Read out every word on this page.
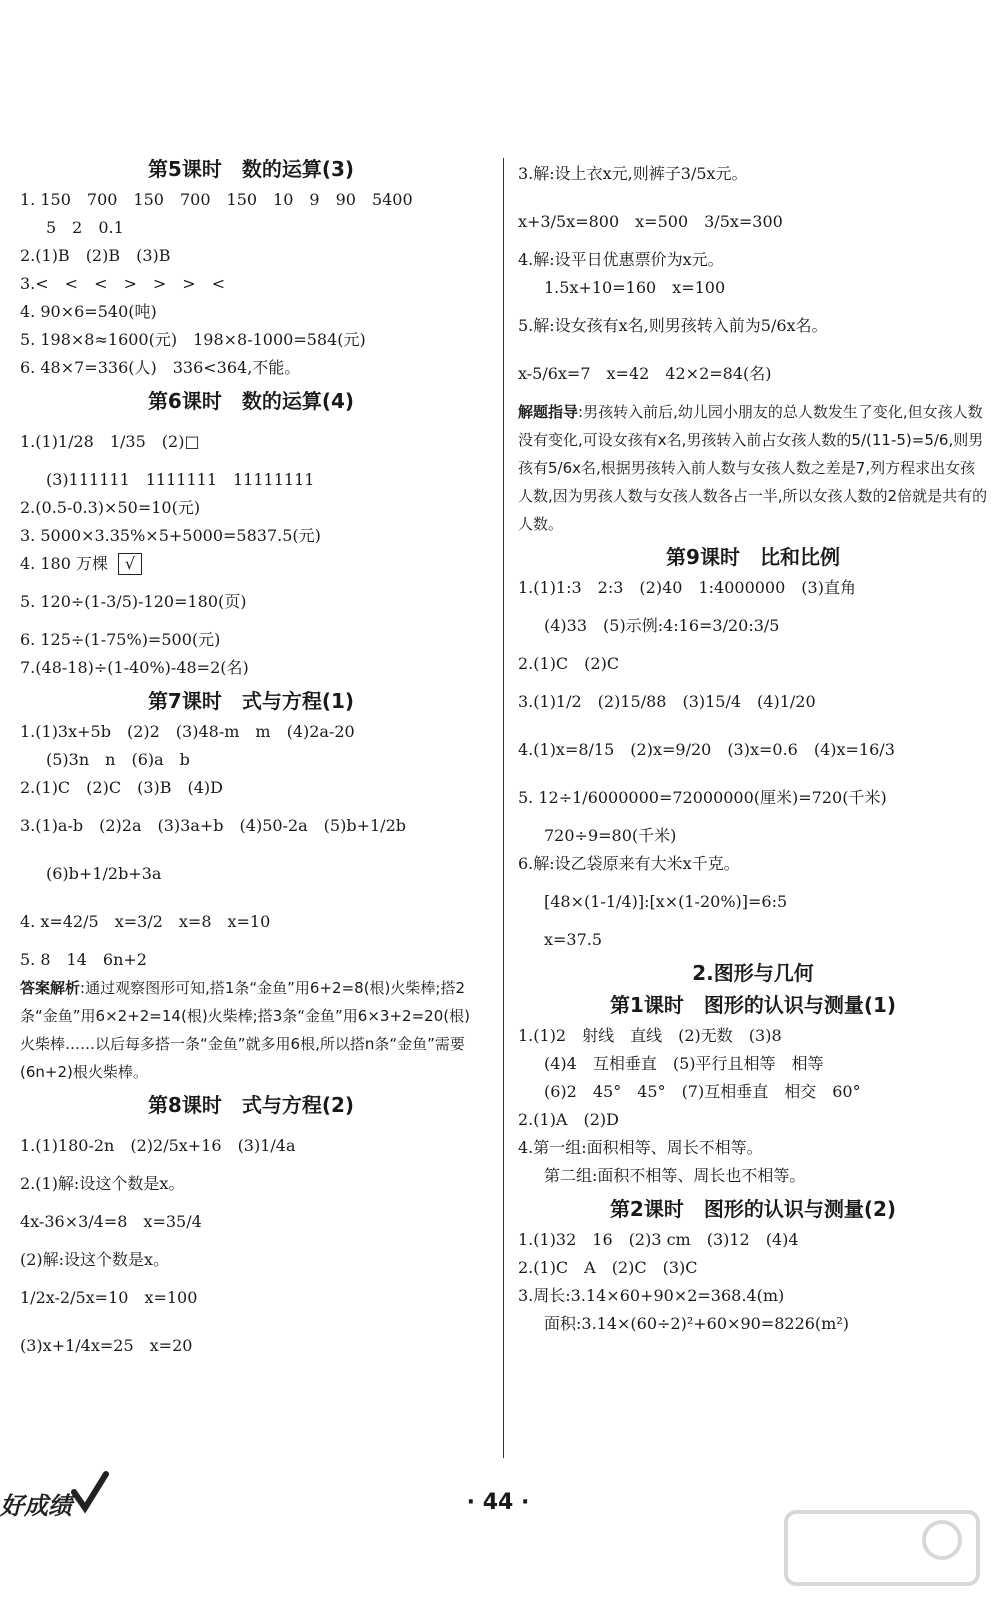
第5课时　数的运算(3)
1. 150　700　150　700　150　10　9　90　5400
5　2　0.1
2.(1)B　(2)B　(3)B
3.<　<　<　>　>　>　<
4. 90×6=540(吨)
5. 198×8≈1600(元)　198×8-1000=584(元)
6. 48×7=336(人)　336<364,不能。
第6课时　数的运算(4)
1.(1)1/28　1/35　(2)□
(3)111111　1111111　11111111
2.(0.5-0.3)×50=10(元)
3. 5000×3.35%×5+5000=5837.5(元)
4. 180 万棵 √
5. 120÷(1-3/5)-120=180(页)
6. 125÷(1-75%)=500(元)
7.(48-18)÷(1-40%)-48=2(名)
第7课时　式与方程(1)
1.(1)3x+5b　(2)2　(3)48-m　m　(4)2a-20
(5)3n　n　(6)a　b
2.(1)C　(2)C　(3)B　(4)D
3.(1)a-b　(2)2a　(3)3a+b　(4)50-2a　(5)b+1/2b
(6)b+1/2b+3a
4. x=42/5　x=3/2　x=8　x=10
5. 8　14　6n+2
答案解析:通过观察图形可知,搭1条“金鱼”用6+2=8(根)火柴棒;搭2条“金鱼”用6×2+2=14(根)火柴棒;搭3条“金鱼”用6×3+2=20(根)火柴棒……以后每多搭一条“金鱼”就多用6根,所以搭n条“金鱼”需要(6n+2)根火柴棒。
第8课时　式与方程(2)
1.(1)180-2n　(2)2/5x+16　(3)1/4a
2.(1)解:设这个数是x。
4x-36×3/4=8　x=35/4
(2)解:设这个数是x。
1/2x-2/5x=10　x=100
(3)x+1/4x=25　x=20
3.解:设上衣x元,则裤子3/5x元。
x+3/5x=800　x=500　3/5x=300
4.解:设平日优惠票价为x元。
1.5x+10=160　x=100
5.解:设女孩有x名,则男孩转入前为5/6x名。
x-5/6x=7　x=42　42×2=84(名)
解题指导:男孩转入前后,幼儿园小朋友的总人数发生了变化,但女孩人数没有变化,可设女孩有x名,男孩转入前占女孩人数的5/(11-5)=5/6,则男孩有5/6x名,根据男孩转入前人数与女孩人数之差是7,列方程求出女孩人数,因为男孩人数与女孩人数各占一半,所以女孩人数的2倍就是共有的人数。
第9课时　比和比例
1.(1)1:3　2:3　(2)40　1:4000000　(3)直角
(4)33　(5)示例:4:16=3/20:3/5
2.(1)C　(2)C
3.(1)1/2　(2)15/88　(3)15/4　(4)1/20
4.(1)x=8/15　(2)x=9/20　(3)x=0.6　(4)x=16/3
5. 12÷1/6000000=72000000(厘米)=720(千米)
720÷9=80(千米)
6.解:设乙袋原来有大米x千克。
[48×(1-1/4)]:[x×(1-20%)]=6:5
x=37.5
2.图形与几何
第1课时　图形的认识与测量(1)
1.(1)2　射线　直线　(2)无数　(3)8
(4)4　互相垂直　(5)平行且相等　相等
(6)2　45°　45°　(7)互相垂直　相交　60°
2.(1)A　(2)D
4.第一组:面积相等、周长不相等。
第二组:面积不相等、周长也不相等。
第2课时　图形的认识与测量(2)
1.(1)32　16　(2)3 cm　(3)12　(4)4
2.(1)C　A　(2)C　(3)C
3.周长:3.14×60+90×2=368.4(m)
面积:3.14×(60÷2)²+60×90=8226(m²)
好成绩	· 44 ·
